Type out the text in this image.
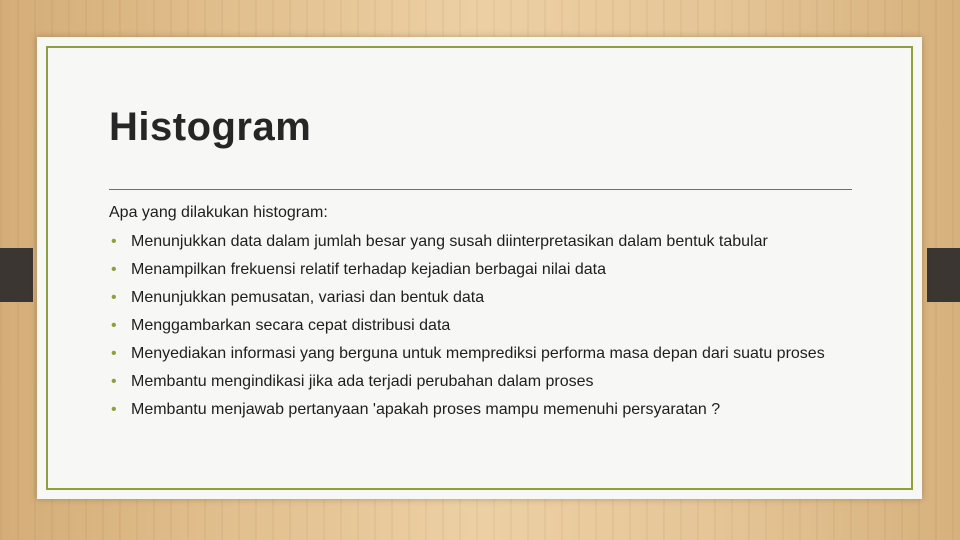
Histogram

Apa yang dilakukan histogram:

• Menunjukkan data dalam jumlah besar yang susah diinterpretasikan dalam bentuk tabular
• Menampilkan frekuensi relatif terhadap kejadian berbagai nilai data
• Menunjukkan pemusatan, variasi dan bentuk data
• Menggambarkan secara cepat distribusi data
• Menyediakan informasi yang berguna untuk memprediksi performa masa depan dari suatu proses
• Membantu mengindikasi jika ada terjadi perubahan dalam proses
• Membantu menjawab pertanyaan 'apakah proses mampu memenuhi persyaratan ?
